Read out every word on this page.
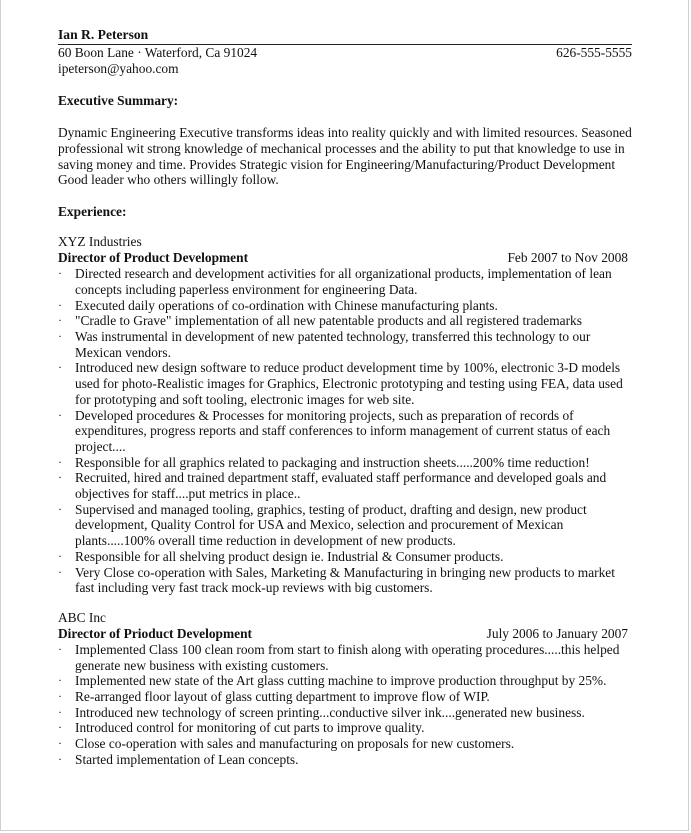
Ian R. Peterson
60 Boon Lane · Waterford, Ca 91024	626-555-5555
ipeterson@yahoo.com
Executive Summary:
Dynamic Engineering Executive transforms ideas into reality quickly and with limited resources. Seasoned professional wit strong knowledge of mechanical processes and the ability to put that knowledge to use in saving money and time. Provides Strategic vision for Engineering/Manufacturing/Product Development Good leader who others willingly follow.
Experience:
XYZ Industries
Director of Product Development	Feb 2007 to Nov 2008
· Directed research and development activities for all organizational products, implementation of lean concepts including paperless environment for engineering Data.
· Executed daily operations of co-ordination with Chinese manufacturing plants.
· "Cradle to Grave" implementation of all new patentable products and all registered trademarks
· Was instrumental in development of new patented technology, transferred this technology to our Mexican vendors.
· Introduced new design software to reduce product development time by 100%, electronic 3-D models used for photo-Realistic images for Graphics, Electronic prototyping and testing using FEA, data used for prototyping and soft tooling, electronic images for web site.
· Developed procedures & Processes for monitoring projects, such as preparation of records of expenditures, progress reports and staff conferences to inform management of current status of each project....
· Responsible for all graphics related to packaging and instruction sheets.....200% time reduction!
· Recruited, hired and trained department staff, evaluated staff performance and developed goals and objectives for staff....put metrics in place..
· Supervised and managed tooling, graphics, testing of product, drafting and design, new product development, Quality Control for USA and Mexico, selection and procurement of Mexican plants.....100% overall time reduction in development of new products.
· Responsible for all shelving product design ie. Industrial & Consumer products.
· Very Close co-operation with Sales, Marketing & Manufacturing in bringing new products to market fast including very fast track mock-up reviews with big customers.
ABC Inc
Director of Prioduct Development	July 2006 to January 2007
· Implemented Class 100 clean room from start to finish along with operating procedures.....this helped generate new business with existing customers.
· Implemented new state of the Art glass cutting machine to improve production throughput by 25%.
· Re-arranged floor layout of glass cutting department to improve flow of WIP.
· Introduced new technology of screen printing...conductive silver ink....generated new business.
· Introduced control for monitoring of cut parts to improve quality.
· Close co-operation with sales and manufacturing on proposals for new customers.
· Started implementation of Lean concepts.
